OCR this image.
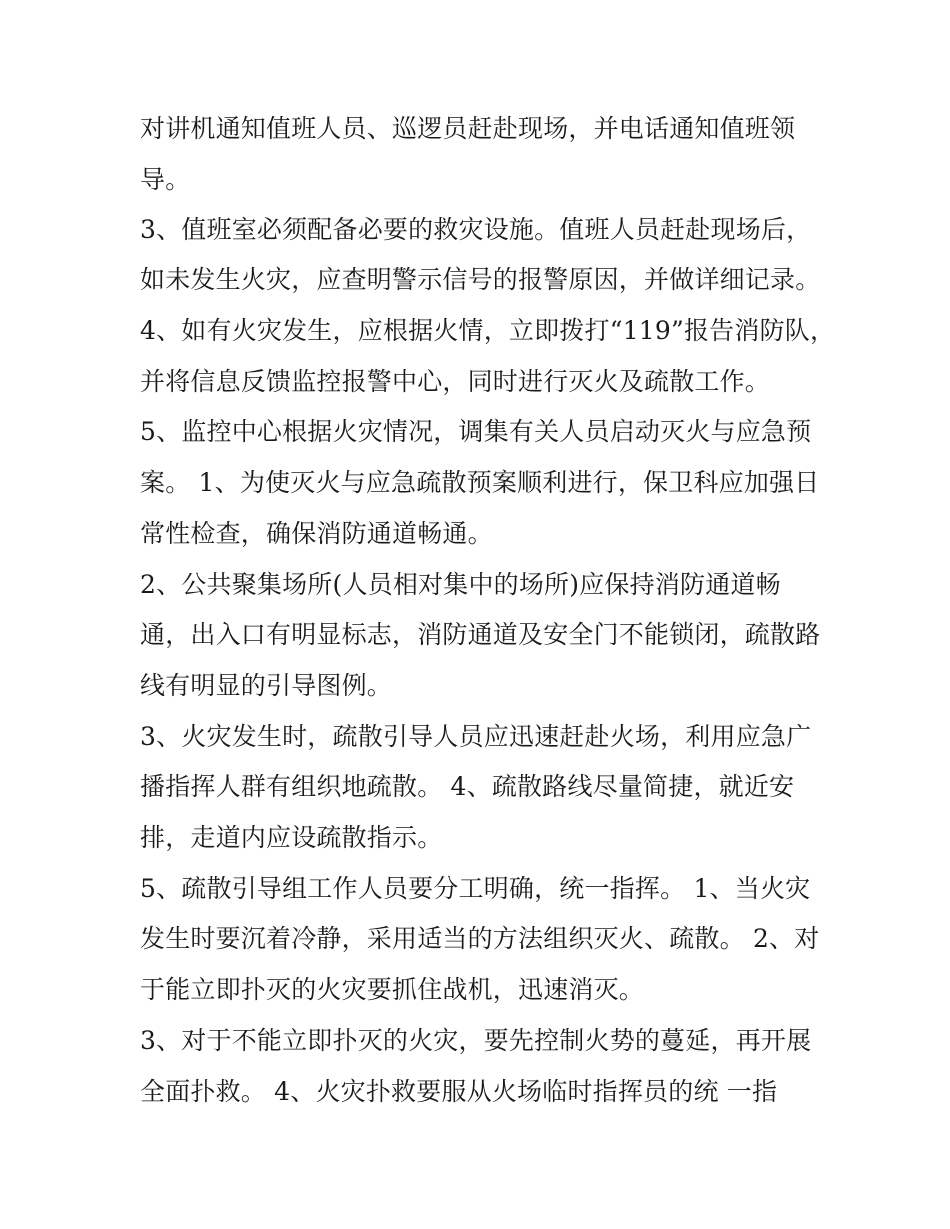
对讲机通知值班人员、巡逻员赶赴现场，并电话通知值班领
导。
3、值班室必须配备必要的救灾设施。值班人员赶赴现场后，
如未发生火灾，应查明警示信号的报警原因，并做详细记录。
4、如有火灾发生，应根据火情，立即拨打“119”报告消防队，
并将信息反馈监控报警中心，同时进行灭火及疏散工作。
5、监控中心根据火灾情况，调集有关人员启动灭火与应急预
案。 1、为使灭火与应急疏散预案顺利进行，保卫科应加强日
常性检查，确保消防通道畅通。
2、公共聚集场所(人员相对集中的场所)应保持消防通道畅
通，出入口有明显标志，消防通道及安全门不能锁闭，疏散路
线有明显的引导图例。
3、火灾发生时，疏散引导人员应迅速赶赴火场，利用应急广
播指挥人群有组织地疏散。 4、疏散路线尽量简捷，就近安
排，走道内应设疏散指示。
5、疏散引导组工作人员要分工明确，统一指挥。 1、当火灾
发生时要沉着冷静，采用适当的方法组织灭火、疏散。 2、对
于能立即扑灭的火灾要抓住战机，迅速消灭。
3、对于不能立即扑灭的火灾，要先控制火势的蔓延，再开展
全面扑救。 4、火灾扑救要服从火场临时指挥员的统 一指
